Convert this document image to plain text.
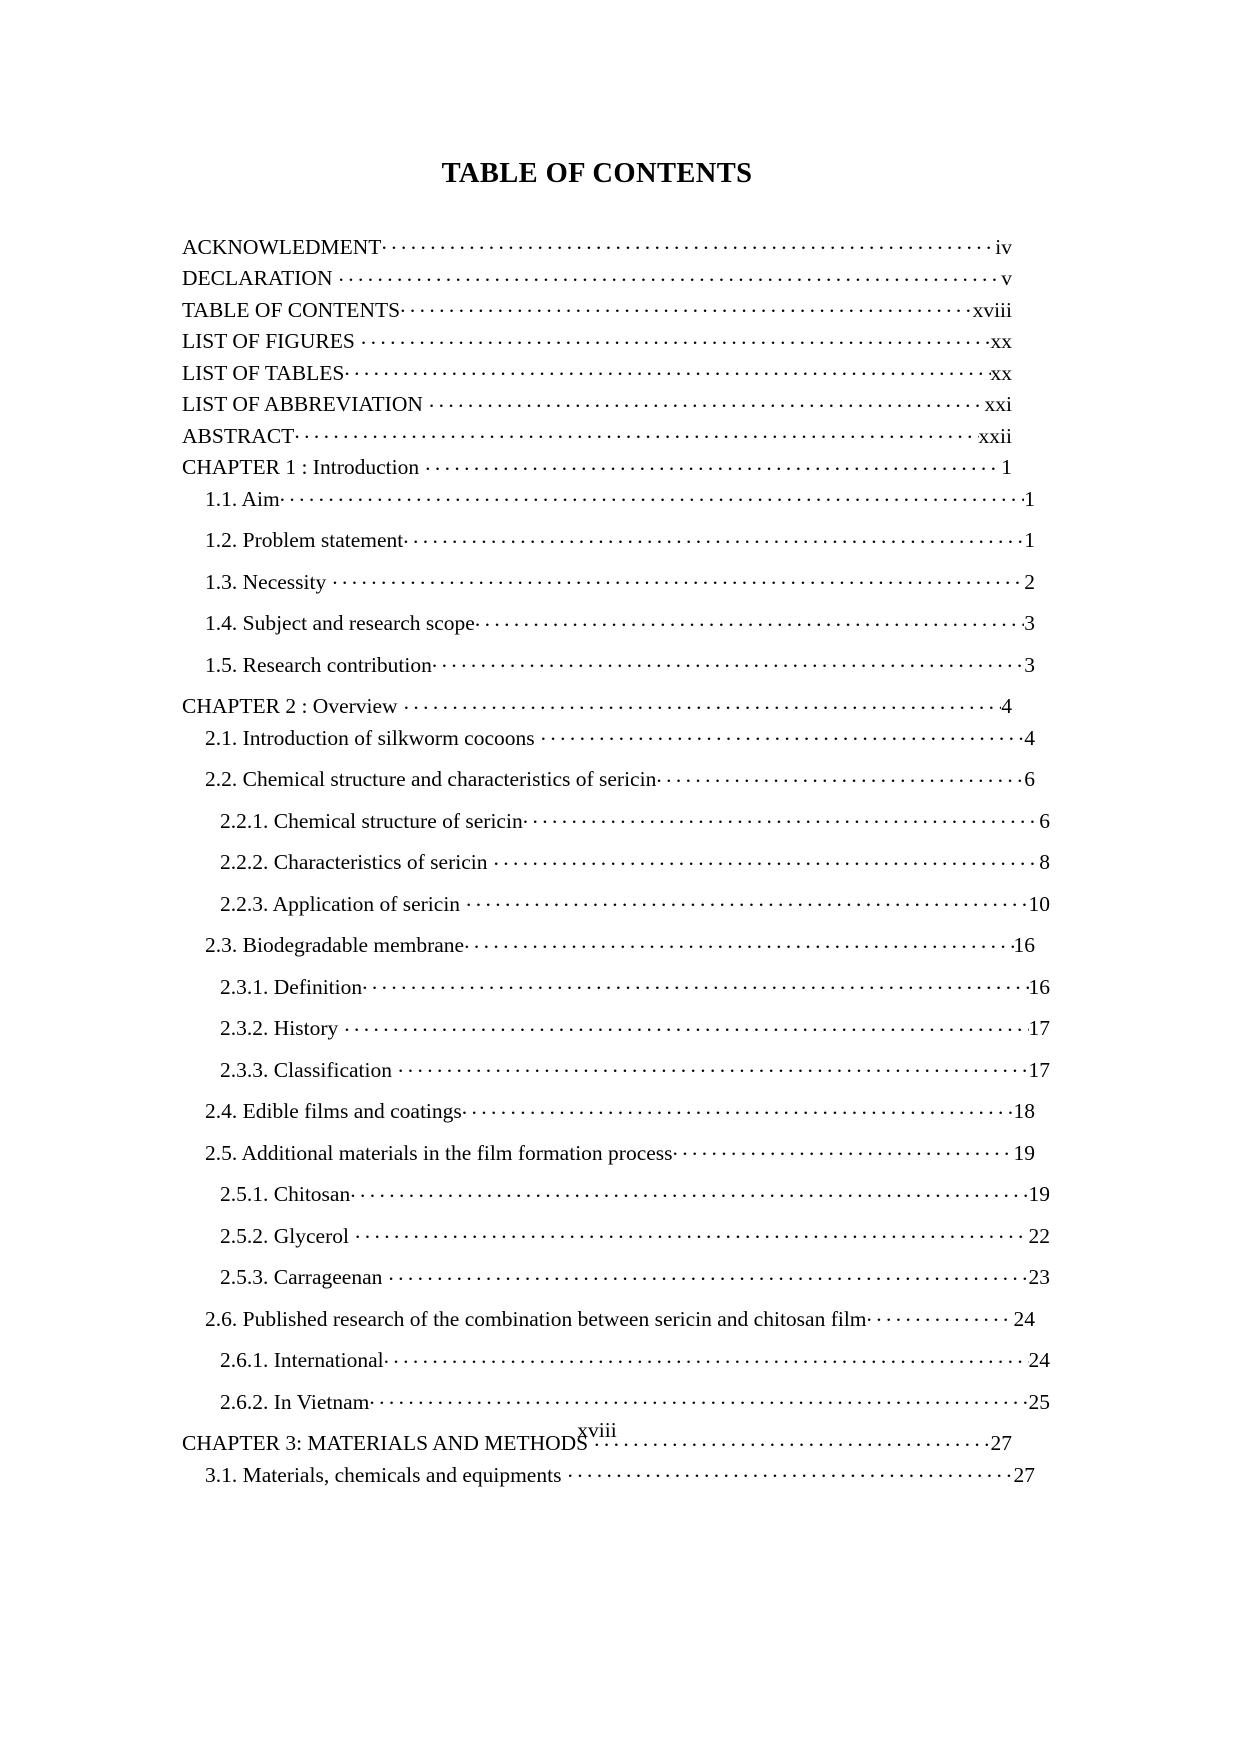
TABLE OF CONTENTS
ACKNOWLEDMENT . . .	iv
DECLARATION . . .	v
TABLE OF CONTENTS . . .	xviii
LIST OF FIGURES . . .	xx
LIST OF TABLES . . .	xx
LIST OF ABBREVIATION . . .	xxi
ABSTRACT . . .	xxii
CHAPTER 1 : Introduction . . .	1
1.1. Aim . . .	1
1.2. Problem statement . . .	1
1.3. Necessity . . .	2
1.4. Subject and research scope . . .	3
1.5. Research contribution . . .	3
CHAPTER 2 : Overview . . .	4
2.1. Introduction of silkworm cocoons . . .	4
2.2. Chemical structure and characteristics of sericin . . .	6
2.2.1. Chemical structure of sericin . . .	6
2.2.2. Characteristics of sericin . . .	8
2.2.3. Application of sericin . . .	10
2.3. Biodegradable membrane . . .	16
2.3.1. Definition . . .	16
2.3.2. History . . .	17
2.3.3. Classification . . .	17
2.4. Edible films and coatings . . .	18
2.5. Additional materials in the film formation process . . .	19
2.5.1. Chitosan . . .	19
2.5.2. Glycerol . . .	22
2.5.3. Carrageenan . . .	23
2.6. Published research of the combination between sericin and chitosan film . . .	24
2.6.1. International . . .	24
2.6.2. In Vietnam . . .	25
CHAPTER 3: MATERIALS AND METHODS . . .	27
3.1. Materials, chemicals and equipments . . .	27
xviii
